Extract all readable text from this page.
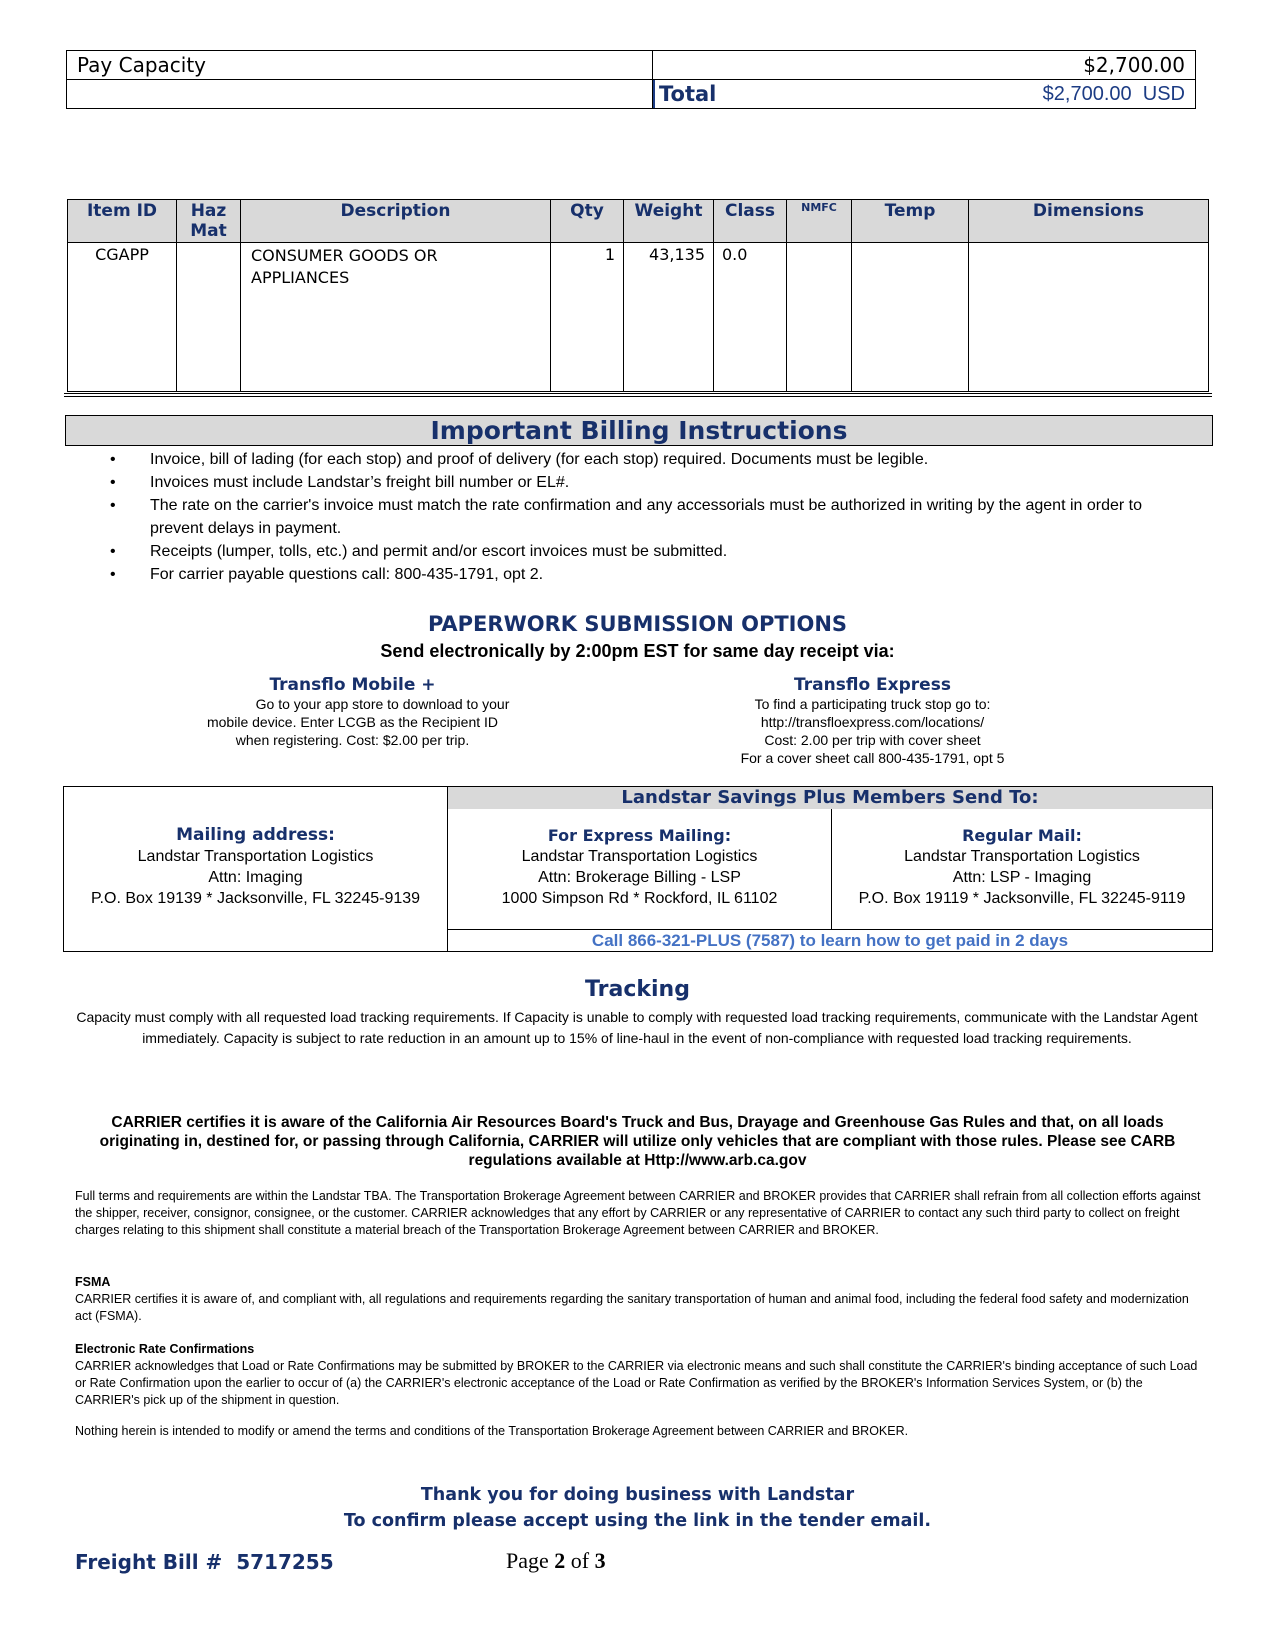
Pay Capacity	$2,700.00

	Total $2,700.00 USD
Item ID	Haz Mat	Description	Qty	Weight	Class	NMFC	Temp	Dimensions
CGAPP		CONSUMER GOODS OR APPLIANCES	1	43,135	0.0			
Important Billing Instructions
• Invoice, bill of lading (for each stop) and proof of delivery (for each stop) required. Documents must be legible.
• Invoices must include Landstar’s freight bill number or EL#.
• The rate on the carrier's invoice must match the rate confirmation and any accessorials must be authorized in writing by the agent in order to prevent delays in payment.
• Receipts (lumper, tolls, etc.) and permit and/or escort invoices must be submitted.
• For carrier payable questions call: 800-435-1791, opt 2.
PAPERWORK SUBMISSION OPTIONS
Send electronically by 2:00pm EST for same day receipt via:
Transflo Mobile +
Go to your app store to download to your
mobile device. Enter LCGB as the Recipient ID
when registering. Cost: $2.00 per trip.
Transflo Express
To find a participating truck stop go to:
http://transfloexpress.com/locations/
Cost: 2.00 per trip with cover sheet
For a cover sheet call 800-435-1791, opt 5
Mailing address:
Landstar Transportation Logistics
Attn: Imaging
P.O. Box 19139 * Jacksonville, FL 32245-9139
Landstar Savings Plus Members Send To:
For Express Mailing:
Landstar Transportation Logistics
Attn: Brokerage Billing - LSP
1000 Simpson Rd * Rockford, IL 61102
Regular Mail:
Landstar Transportation Logistics
Attn: LSP - Imaging
P.O. Box 19119 * Jacksonville, FL 32245-9119
Call 866-321-PLUS (7587) to learn how to get paid in 2 days
Tracking
Capacity must comply with all requested load tracking requirements. If Capacity is unable to comply with requested load tracking requirements, communicate with the Landstar Agent immediately. Capacity is subject to rate reduction in an amount up to 15% of line-haul in the event of non-compliance with requested load tracking requirements.
CARRIER certifies it is aware of the California Air Resources Board's Truck and Bus, Drayage and Greenhouse Gas Rules and that, on all loads originating in, destined for, or passing through California, CARRIER will utilize only vehicles that are compliant with those rules. Please see CARB regulations available at Http://www.arb.ca.gov
Full terms and requirements are within the Landstar TBA. The Transportation Brokerage Agreement between CARRIER and BROKER provides that CARRIER shall refrain from all collection efforts against the shipper, receiver, consignor, consignee, or the customer. CARRIER acknowledges that any effort by CARRIER or any representative of CARRIER to contact any such third party to collect on freight charges relating to this shipment shall constitute a material breach of the Transportation Brokerage Agreement between CARRIER and BROKER.
FSMA
CARRIER certifies it is aware of, and compliant with, all regulations and requirements regarding the sanitary transportation of human and animal food, including the federal food safety and modernization act (FSMA).
Electronic Rate Confirmations
CARRIER acknowledges that Load or Rate Confirmations may be submitted by BROKER to the CARRIER via electronic means and such shall constitute the CARRIER's binding acceptance of such Load or Rate Confirmation upon the earlier to occur of (a) the CARRIER's electronic acceptance of the Load or Rate Confirmation as verified by the BROKER's Information Services System, or (b) the CARRIER's pick up of the shipment in question.
Nothing herein is intended to modify or amend the terms and conditions of the Transportation Brokerage Agreement between CARRIER and BROKER.
Thank you for doing business with Landstar
To confirm please accept using the link in the tender email.
Freight Bill # 5717255	Page 2 of 3
